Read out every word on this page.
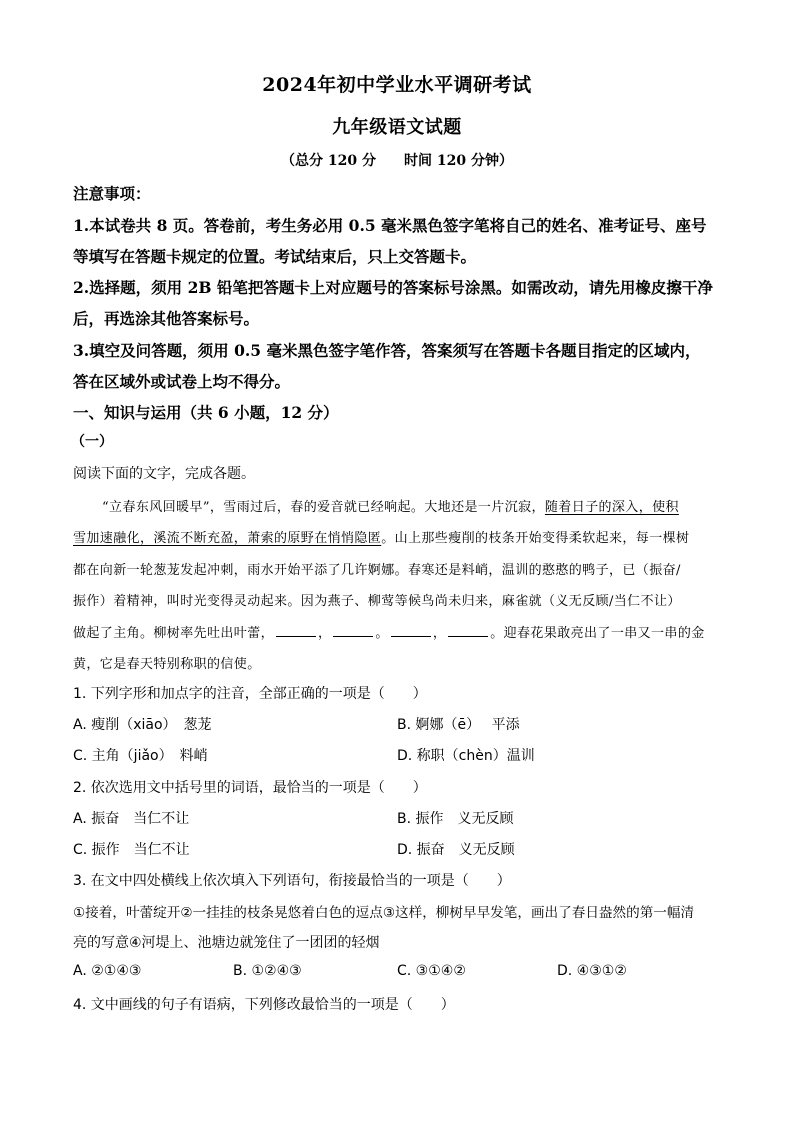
2024年初中学业水平调研考试
九年级语文试题
（总分 120 分　　时间 120 分钟）
注意事项：
1.本试卷共 8 页。答卷前，考生务必用 0.5 毫米黑色签字笔将自己的姓名、准考证号、座号
等填写在答题卡规定的位置。考试结束后，只上交答题卡。
2.选择题，须用 2B 铅笔把答题卡上对应题号的答案标号涂黑。如需改动，请先用橡皮擦干净
后，再选涂其他答案标号。
3.填空及问答题，须用 0.5 毫米黑色签字笔作答，答案须写在答题卡各题目指定的区域内，
答在区域外或试卷上均不得分。
一、知识与运用（共 6 小题，12 分）
（一）
阅读下面的文字，完成各题。
“立春东风回暖早”，雪雨过后，春的爱音就已经响起。大地还是一片沉寂，随着日子的深入，使积
雪加速融化，溪流不断充盈，萧索的原野在悄悄隐匿。山上那些瘦削的枝条开始变得柔软起来，每一棵树
都在向新一轮葱茏发起冲刺，雨水开始平添了几许婀娜。春寒还是料峭，温训的憨憨的鸭子，已（振奋/
振作）着精神，叫时光变得灵动起来。因为燕子、柳莺等候鸟尚未归来，麻雀就（义无反顾/当仁不让）
做起了主角。柳树率先吐出叶蕾，	，	。	，	。迎春花果敢亮出了一串又一串的金
黄，它是春天特别称职的信使。
1. 下列字形和加点字的注音，全部正确的一项是（　　）
A. 瘦削（xiāo）　葱茏	B. 婀娜（ē）　 平添
C. 主角（jiǎo）　料峭	D. 称职（chèn）温训
2. 依次选用文中括号里的词语，最恰当的一项是（　　）
A. 振奋　当仁不让	B. 振作　义无反顾
C. 振作　当仁不让	D. 振奋　义无反顾
3. 在文中四处横线上依次填入下列语句，衔接最恰当的一项是（　　）
①接着，叶蕾绽开②一挂挂的枝条晃悠着白色的逗点③这样，柳树早早发笔，画出了春日盎然的第一幅清
亮的写意④河堤上、池塘边就笼住了一团团的轻烟
A. ②①④③	B. ①②④③	C. ③①④②	D. ④③①②
4. 文中画线的句子有语病，下列修改最恰当的一项是（　　）
